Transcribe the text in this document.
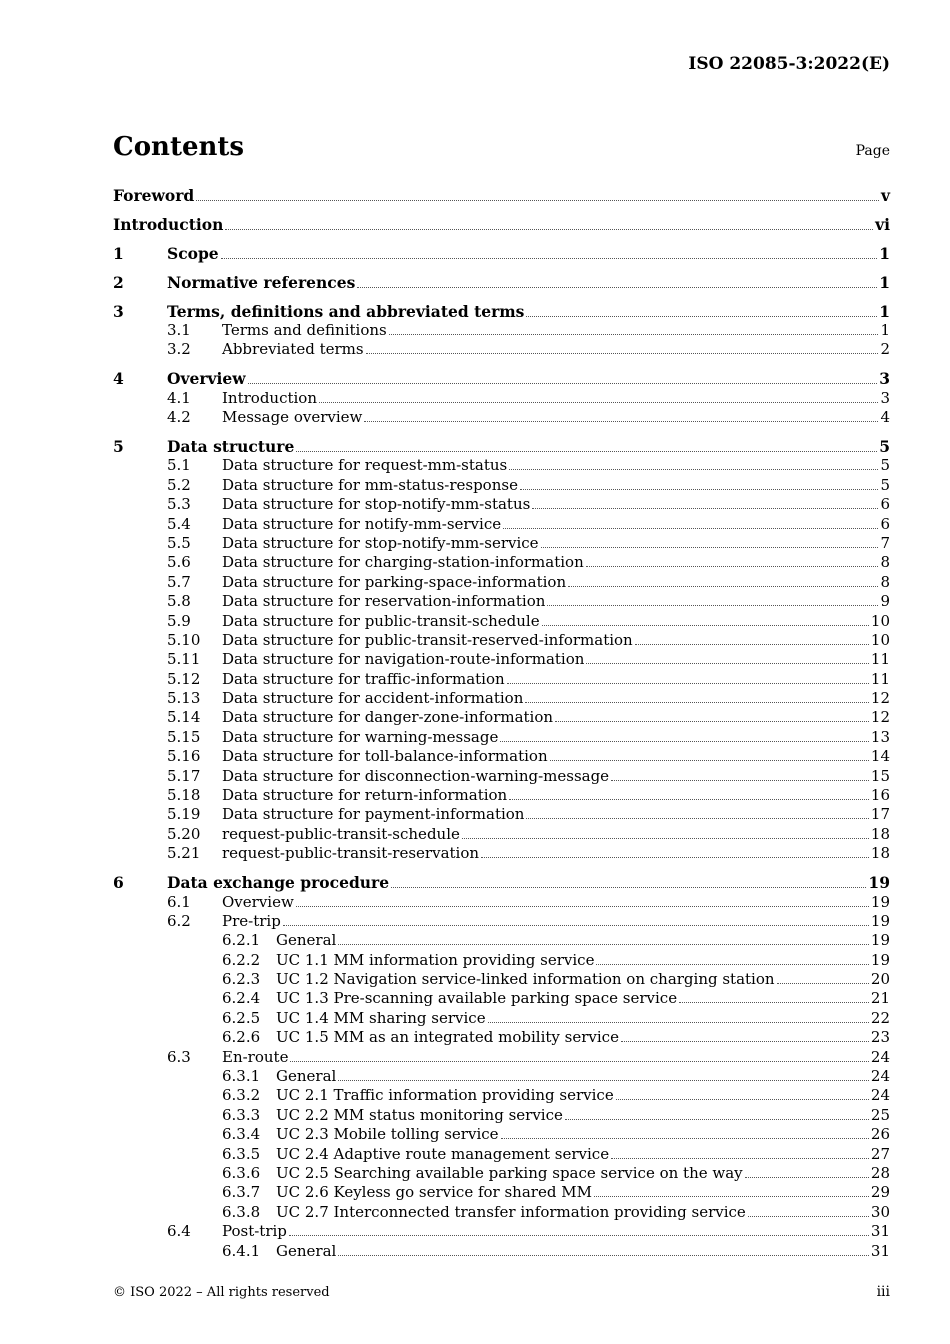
ISO 22085-3:2022(E)
Contents	Page
Foreword	v
Introduction	vi
1	Scope	1
2	Normative references	1
3	Terms, definitions and abbreviated terms	1
3.1 Terms and definitions	1
3.2 Abbreviated terms	2
4	Overview	3
4.1 Introduction	3
4.2 Message overview	4
5	Data structure	5
5.1 Data structure for request-mm-status	5
5.2 Data structure for mm-status-response	5
5.3 Data structure for stop-notify-mm-status	6
5.4 Data structure for notify-mm-service	6
5.5 Data structure for stop-notify-mm-service	7
5.6 Data structure for charging-station-information	8
5.7 Data structure for parking-space-information	8
5.8 Data structure for reservation-information	9
5.9 Data structure for public-transit-schedule	10
5.10 Data structure for public-transit-reserved-information	10
5.11 Data structure for navigation-route-information	11
5.12 Data structure for traffic-information	11
5.13 Data structure for accident-information	12
5.14 Data structure for danger-zone-information	12
5.15 Data structure for warning-message	13
5.16 Data structure for toll-balance-information	14
5.17 Data structure for disconnection-warning-message	15
5.18 Data structure for return-information	16
5.19 Data structure for payment-information	17
5.20 request-public-transit-schedule	18
5.21 request-public-transit-reservation	18
6	Data exchange procedure	19
6.1 Overview	19
6.2 Pre-trip	19
6.2.1 General	19
6.2.2 UC 1.1 MM information providing service	19
6.2.3 UC 1.2 Navigation service-linked information on charging station	20
6.2.4 UC 1.3 Pre-scanning available parking space service	21
6.2.5 UC 1.4 MM sharing service	22
6.2.6 UC 1.5 MM as an integrated mobility service	23
6.3 En-route	24
6.3.1 General	24
6.3.2 UC 2.1 Traffic information providing service	24
6.3.3 UC 2.2 MM status monitoring service	25
6.3.4 UC 2.3 Mobile tolling service	26
6.3.5 UC 2.4 Adaptive route management service	27
6.3.6 UC 2.5 Searching available parking space service on the way	28
6.3.7 UC 2.6 Keyless go service for shared MM	29
6.3.8 UC 2.7 Interconnected transfer information providing service	30
6.4 Post-trip	31
6.4.1 General	31
© ISO 2022 – All rights reserved	iii
